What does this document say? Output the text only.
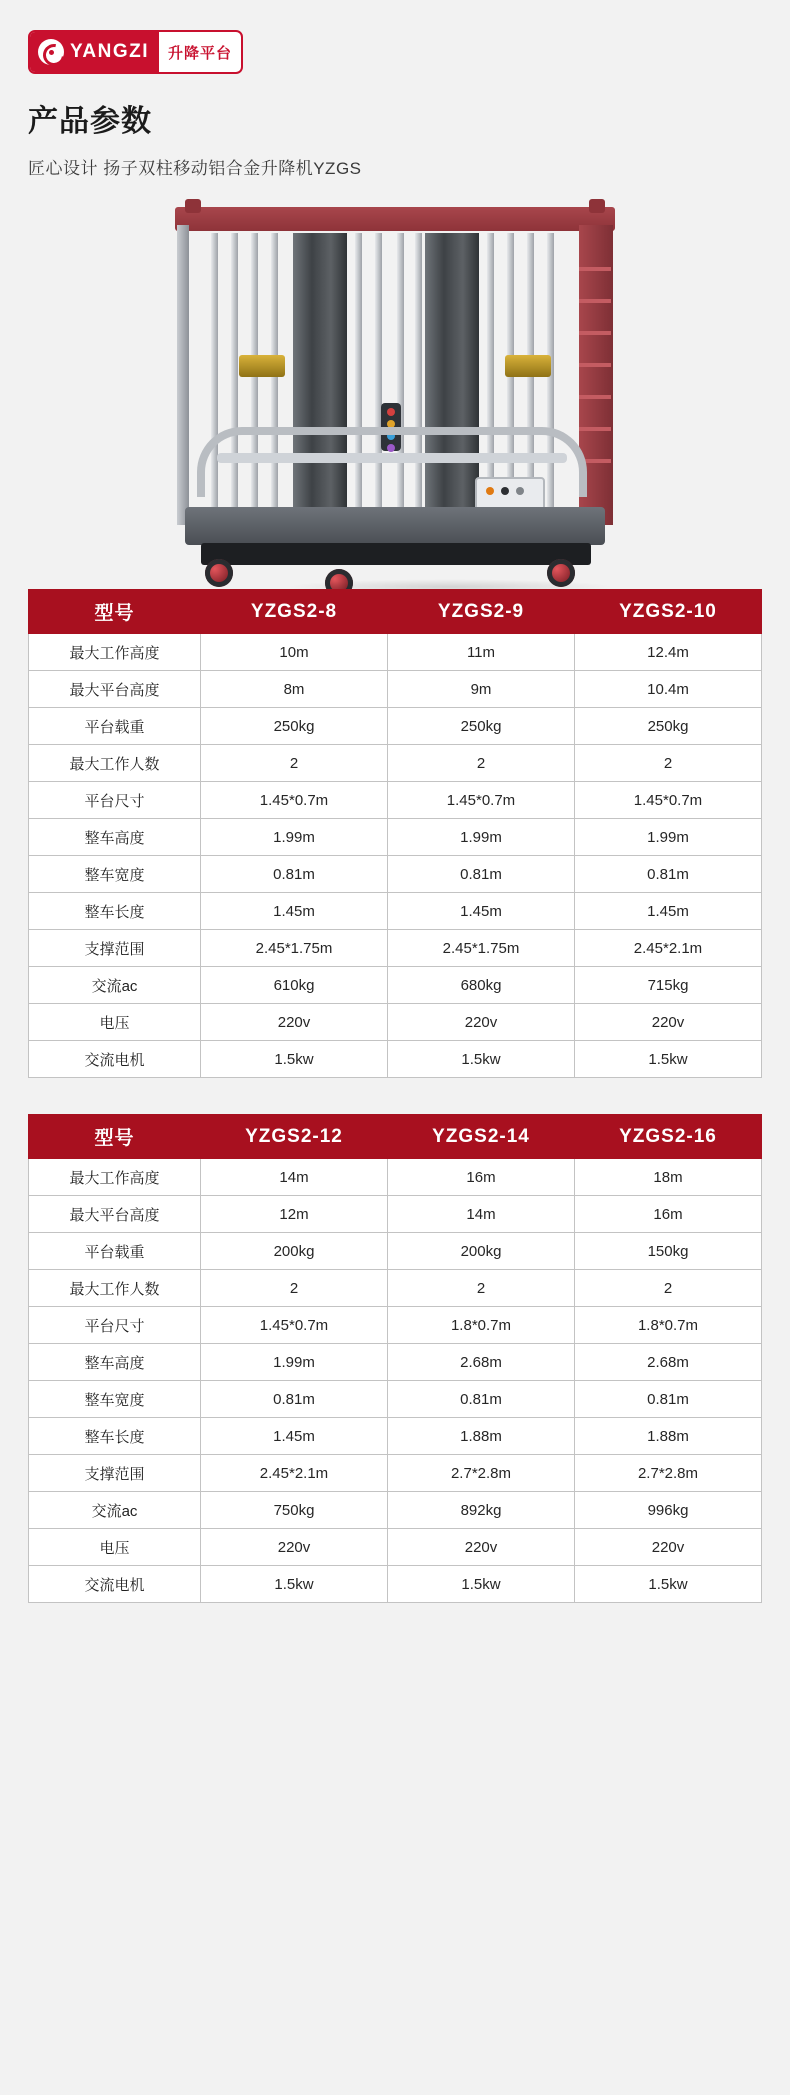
YANGZI	升降平台
产品参数
匠心设计 扬子双柱移动铝合金升降机YZGS
型号	YZGS2-8	YZGS2-9	YZGS2-10
最大工作高度	10m	11m	12.4m
最大平台高度	8m	9m	10.4m
平台载重	250kg	250kg	250kg
最大工作人数	2	2	2
平台尺寸	1.45*0.7m	1.45*0.7m	1.45*0.7m
整车高度	1.99m	1.99m	1.99m
整车宽度	0.81m	0.81m	0.81m
整车长度	1.45m	1.45m	1.45m
支撑范围	2.45*1.75m	2.45*1.75m	2.45*2.1m
交流ac	610kg	680kg	715kg
电压	220v	220v	220v
交流电机	1.5kw	1.5kw	1.5kw
型号	YZGS2-12	YZGS2-14	YZGS2-16
最大工作高度	14m	16m	18m
最大平台高度	12m	14m	16m
平台载重	200kg	200kg	150kg
最大工作人数	2	2	2
平台尺寸	1.45*0.7m	1.8*0.7m	1.8*0.7m
整车高度	1.99m	2.68m	2.68m
整车宽度	0.81m	0.81m	0.81m
整车长度	1.45m	1.88m	1.88m
支撑范围	2.45*2.1m	2.7*2.8m	2.7*2.8m
交流ac	750kg	892kg	996kg
电压	220v	220v	220v
交流电机	1.5kw	1.5kw	1.5kw
